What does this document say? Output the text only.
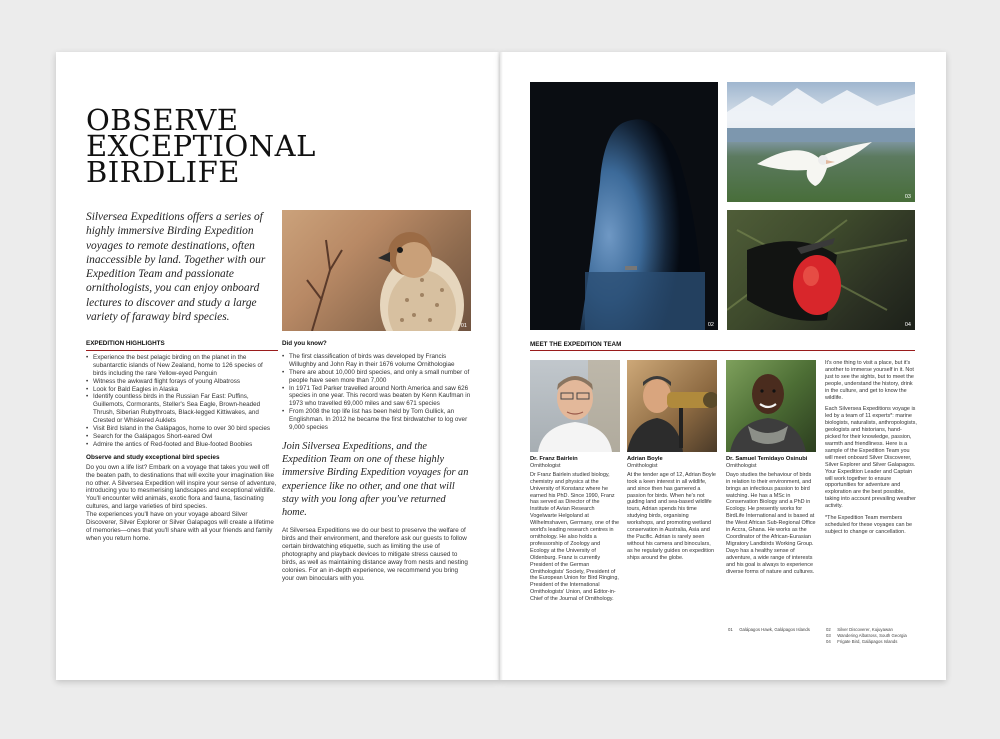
OBSERVE
EXCEPTIONAL
BIRDLIFE

Silversea Expeditions offers a series of highly immersive Birding Expedition voyages to remote destinations, often inaccessible by land. Together with our Expedition Team and passionate ornithologists, you can enjoy onboard lectures to discover and study a large variety of faraway bird species.

01
EXPEDITION HIGHLIGHTS
• Experience the best pelagic birding on the planet in the subantarctic islands of New Zealand, home to 126 species of birds including the rare Yellow-eyed Penguin
• Witness the awkward flight forays of young Albatross
• Look for Bald Eagles in Alaska
• Identify countless birds in the Russian Far East: Puffins, Guillemots, Cormorants, Steller's Sea Eagle, Brown-headed Thrush, Siberian Rubythroats, Black-legged Kittiwakes, and Crested or Whiskered Auklets
• Visit Bird Island in the Galápagos, home to over 30 bird species
• Search for the Galápagos Short-eared Owl
• Admire the antics of Red-footed and Blue-footed Boobies
Observe and study exceptional bird species

Do you own a life list? Embark on a voyage that takes you well off the beaten path, to destinations that will excite your imagination like no other. A Silversea Expedition will inspire your sense of adventure, introducing you to mesmerising landscapes and exceptional wildlife. You'll encounter wild animals, exotic flora and fauna, fascinating cultures, and large varieties of bird species.

The experiences you'll have on your voyage aboard Silver Discoverer, Silver Explorer or Silver Galapagos will create a lifetime of memories—ones that you'll share with all your friends and family when you return home.

Did you know?
• The first classification of birds was developed by Francis Willughby and John Ray in their 1676 volume Ornithologiae
• There are about 10,000 bird species, and only a small number of people have seen more than 7,000
• In 1971 Ted Parker travelled around North America and saw 626 species in one year. This record was beaten by Kenn Kaufman in 1973 who travelled 69,000 miles and saw 671 species
• From 2008 the top life list has been held by Tom Gullick, an Englishman. In 2012 he became the first birdwatcher to log over 9,000 species

Join Silversea Expeditions, and the Expedition Team on one of these highly immersive Birding Expedition voyages for an experience like no other, and one that will stay with you long after you've returned home.

At Silversea Expeditions we do our best to preserve the welfare of birds and their environment, and therefore ask our guests to follow certain birdwatching etiquette, such as limiting the use of photography and playback devices to mitigate stress caused to birds, as well as maintaining distance away from nests and nesting colonies. For an in-depth experience, we recommend you bring your own binoculars with you.

02
03
04
MEET THE EXPEDITION TEAM
Dr. Franz Bairlein
Ornithologist

Dr Franz Bairlein studied biology, chemistry and physics at the University of Konstanz where he earned his PhD. Since 1990, Franz has served as Director of the Institute of Avian Research Vogelwarte Helgoland at Wilhelmshaven, Germany, one of the world's leading research centres in ornithology. He also holds a professorship of Zoology and Ecology at the University of Oldenburg. Franz is currently President of the German Ornithologists' Society, President of the European Union for Bird Ringing, President of the International Ornithologists' Union, and Editor-in-Chief of the Journal of Ornithology.

Adrian Boyle
Ornithologist

At the tender age of 12, Adrian Boyle took a keen interest in all wildlife, and since then has garnered a passion for birds. When he's not guiding land and sea-based wildlife tours, Adrian spends his time studying birds, organising workshops, and promoting wetland conservation in Australia, Asia and the Pacific. Adrian is rarely seen without his camera and binoculars, as he regularly guides on expedition ships around the globe.

Dr. Samuel Temidayo Osinubi
Ornithologist

Dayo studies the behaviour of birds in relation to their environment, and brings an infectious passion to bird watching. He has a MSc in Conservation Biology and a PhD in Ecology. He presently works for BirdLife International and is based at the West African Sub-Regional Office in Accra, Ghana. He works as the Coordinator of the African-Eurasian Migratory Landbirds Working Group. Dayo has a healthy sense of adventure, a wide range of interests and his goal is always to experience diverse forms of nature and cultures.

It's one thing to visit a place, but it's another to immerse yourself in it. Not just to see the sights, but to meet the people, understand the history, drink in the culture, and get to know the wildlife.

Each Silversea Expeditions voyage is led by a team of 11 experts*: marine biologists, naturalists, anthropologists, geologists and historians, hand-picked for their knowledge, passion, warmth and friendliness. Here is a sample of the Expedition Team you will meet onboard Silver Discoverer, Silver Explorer and Silver Galapagos. Your Expedition Leader and Captain will work together to ensure opportunities for adventure and exploration are the best possible, taking into account prevailing weather activity.

*The Expedition Team members scheduled for these voyages can be subject to change or cancellation.

01 Galápagos Hawk, Galápagos Islands	02 Silver Discoverer, Kujuyawan
03 Wandering Albatross, South Georgia
04 Frigate Bird, Galápagos Islands
